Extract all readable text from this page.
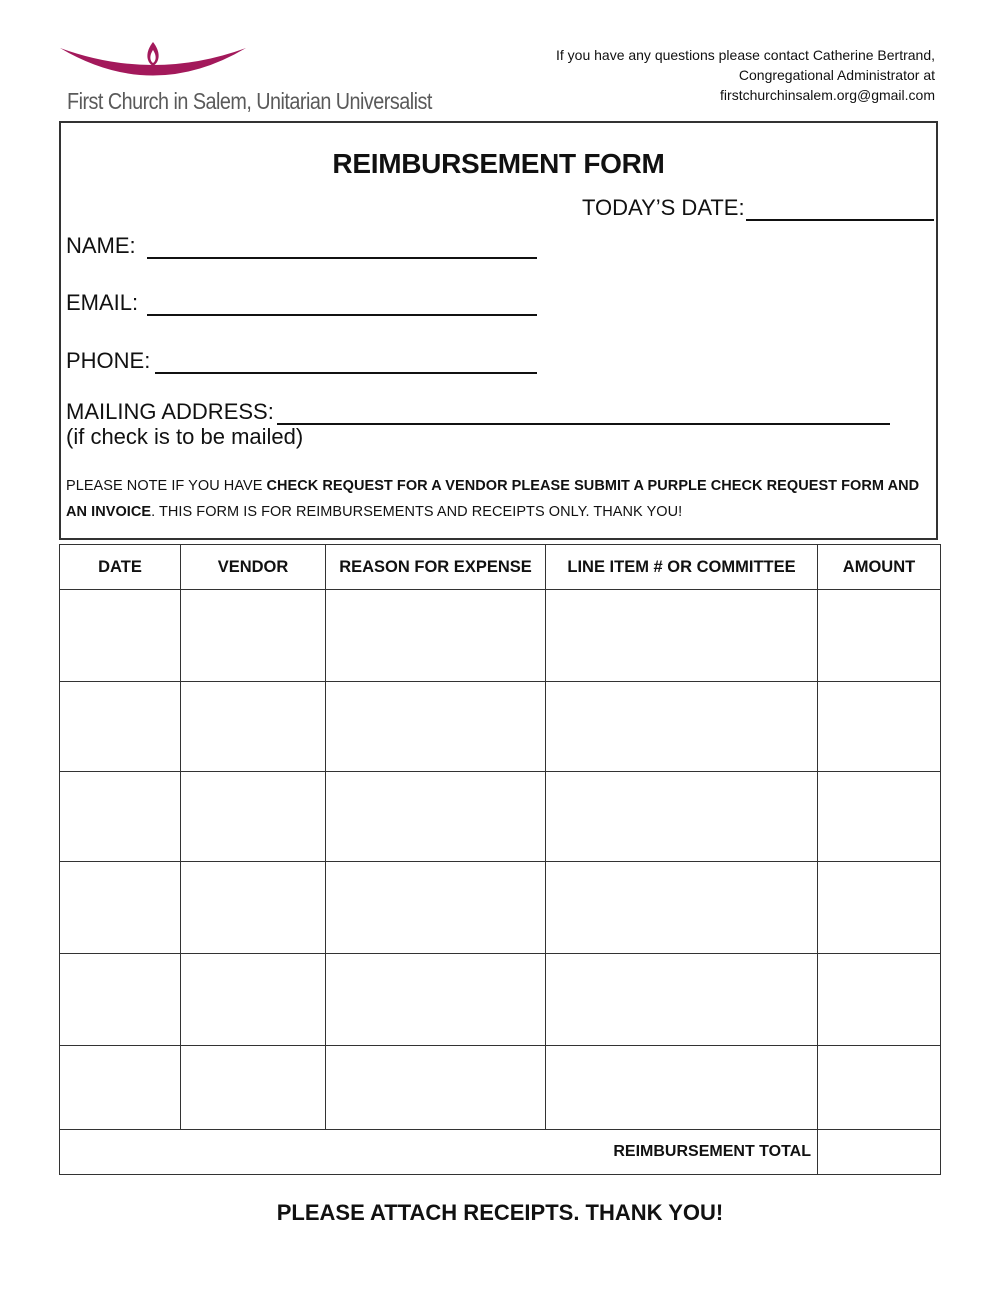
First Church in Salem, Unitarian Universalist
If you have any questions please contact Catherine Bertrand,
Congregational Administrator at
firstchurchinsalem.org@gmail.com
REIMBURSEMENT FORM
TODAY’S DATE:
NAME:
EMAIL:
PHONE:
MAILING ADDRESS:
(if check is to be mailed)
PLEASE NOTE IF YOU HAVE CHECK REQUEST FOR A VENDOR PLEASE SUBMIT A PURPLE CHECK REQUEST FORM AND AN INVOICE. THIS FORM IS FOR REIMBURSEMENTS AND RECEIPTS ONLY. THANK YOU!
DATE	VENDOR	REASON FOR EXPENSE	LINE ITEM # OR COMMITTEE	AMOUNT

REIMBURSEMENT TOTAL				
PLEASE ATTACH RECEIPTS. THANK YOU!
